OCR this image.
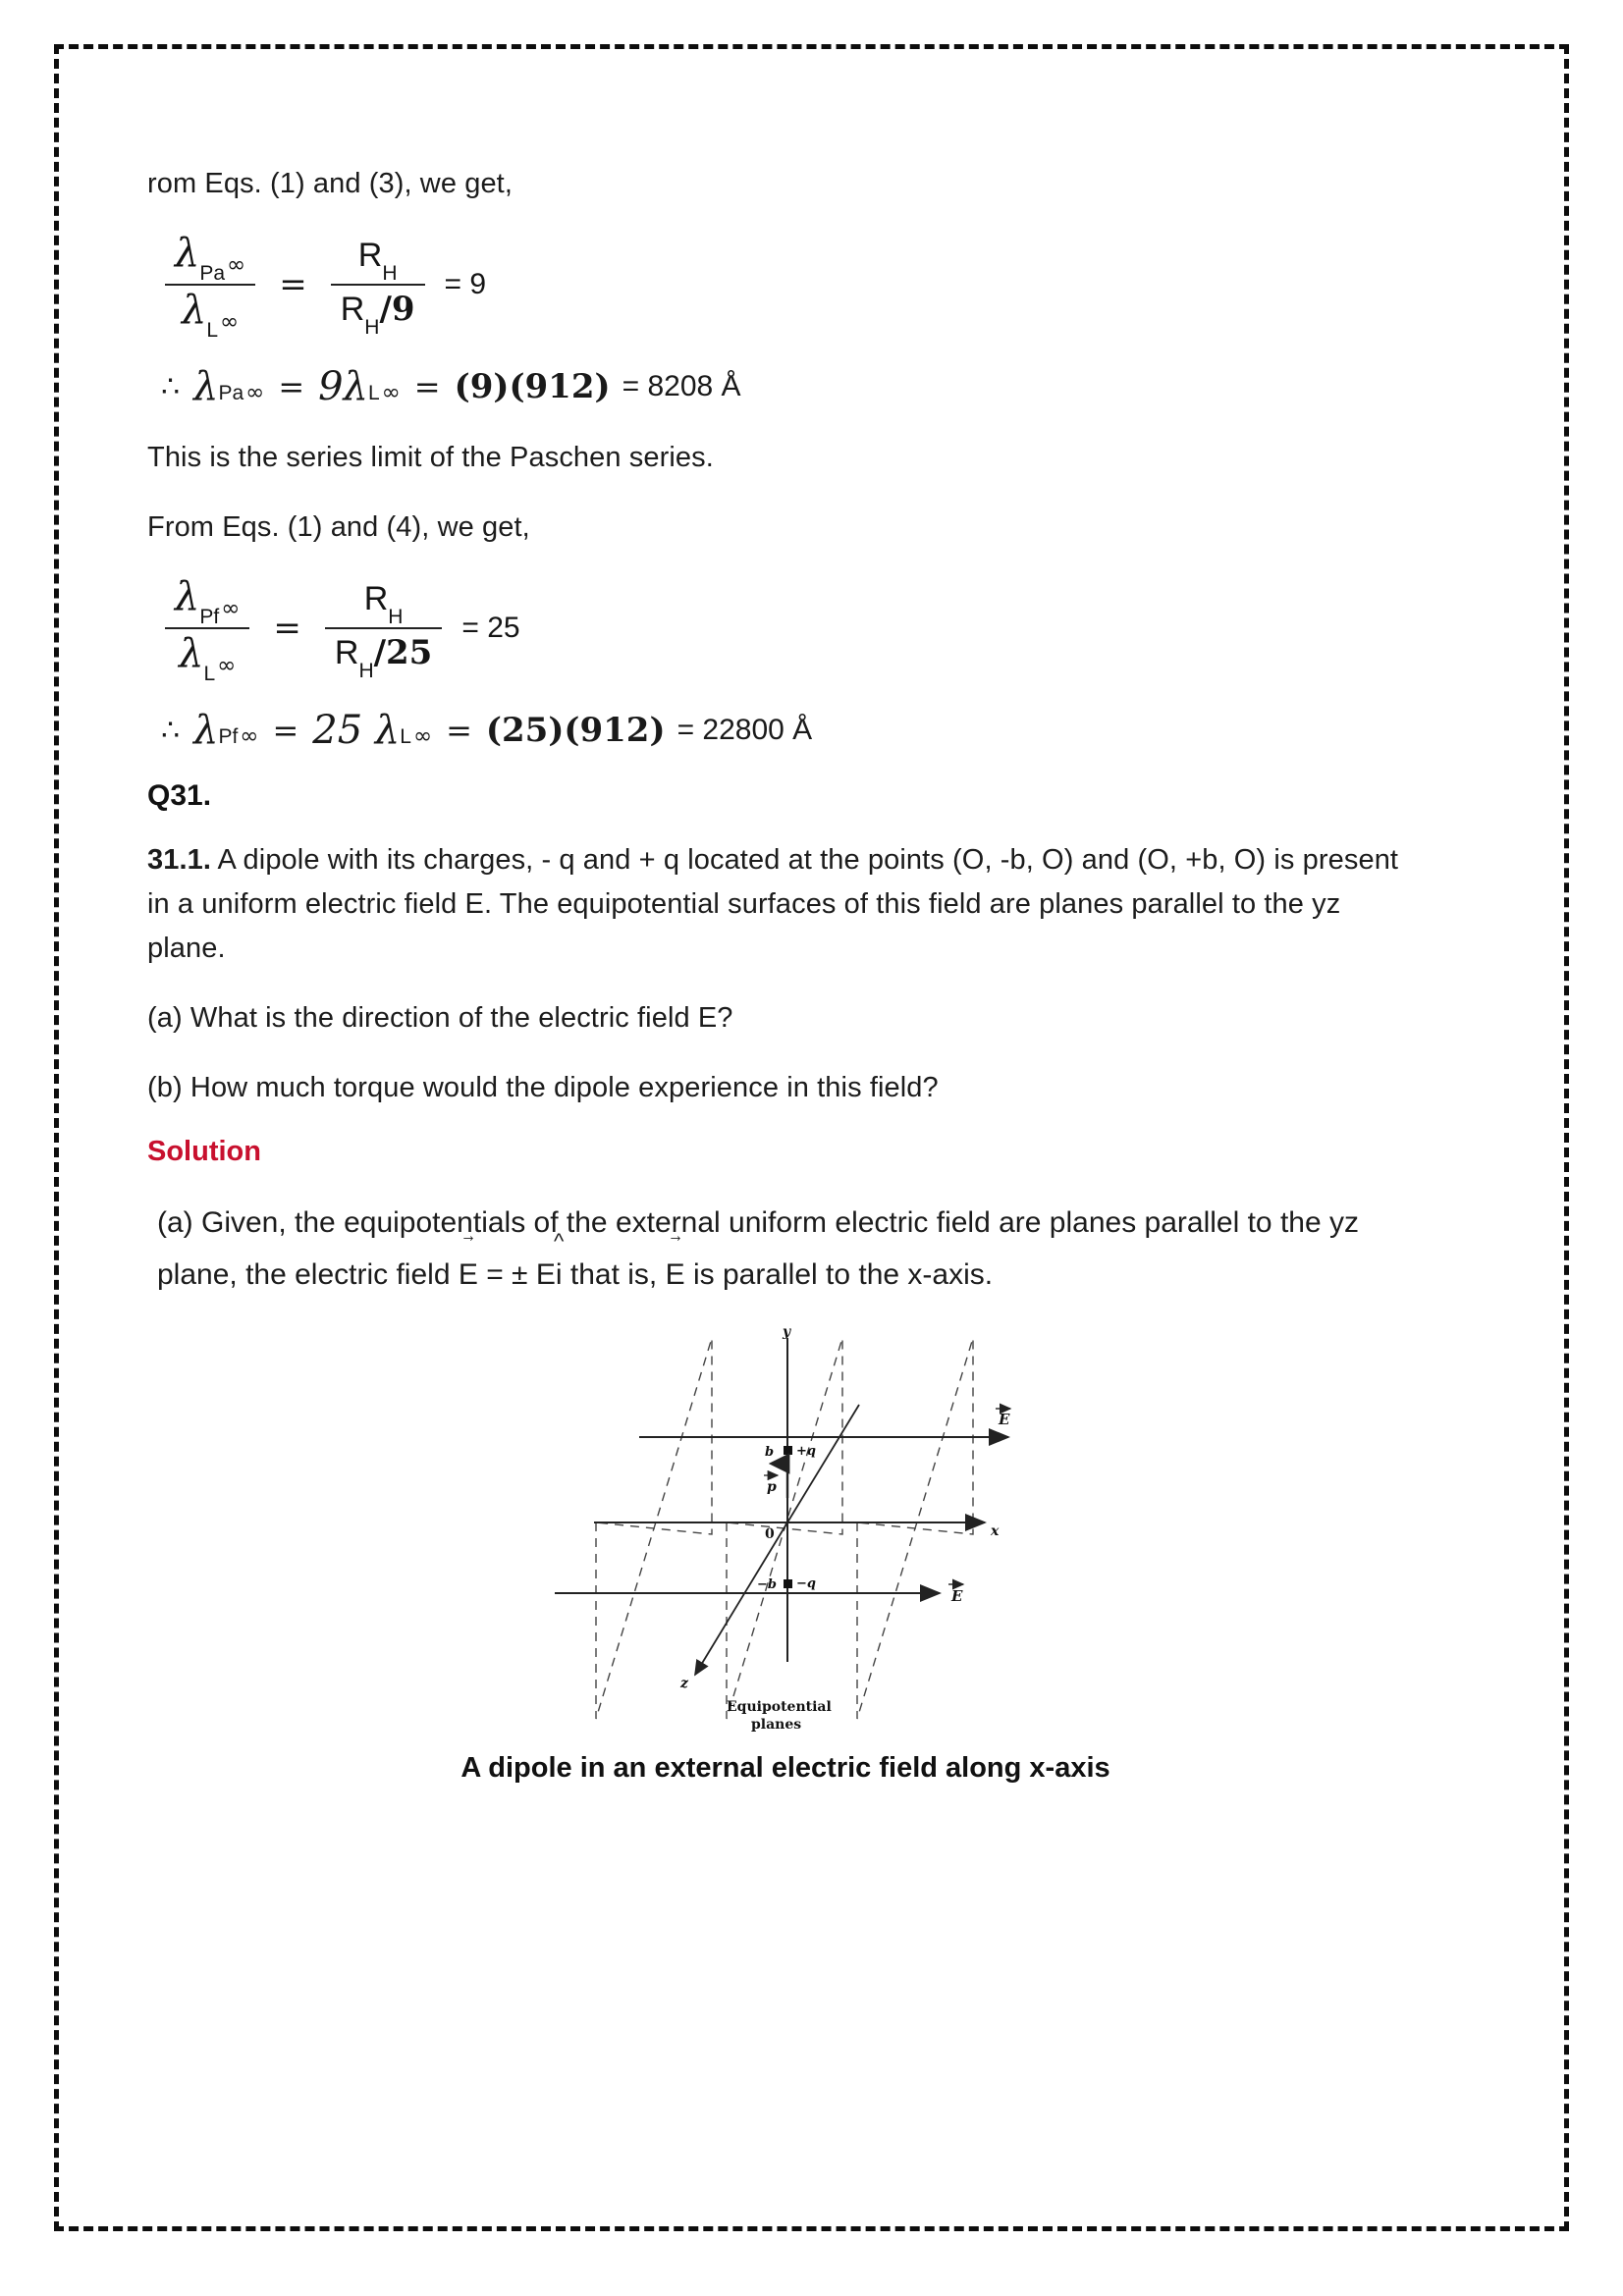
rom Eqs. (1) and (3), we get,

$\frac{\lambda_{Pa\infty}}{\lambda_{L\infty}} = \frac{R_H}{R_H/9} = 9$
∴ λ Pa ∞ = 9λ L ∞ = (9)(912) = 8208 Å

This is the series limit of the Paschen series.

From Eqs. (1) and (4), we get,

$\frac{\lambda_{Pf\infty}}{\lambda_{L\infty}} = \frac{R_H}{R_H/25} = 25$
∴ λ Pf ∞ = 25 λ L ∞ = (25)(912) = 22800 Å

Q31.

31.1. A dipole with its charges, - q and + q located at the points (O, -b, O) and (O, +b, O) is present in a uniform electric field E. The equipotential surfaces of this field are planes parallel to the yz plane.

(a) What is the direction of the electric field E?

(b) How much torque would the dipole experience in this field?

Solution

(a) Given, the equipotentials of the external uniform electric field are planes parallel to the yz plane, the electric field → E = ± E^ i that is, → E is parallel to the x-axis.

x
y
z
E
E
+q
b
−q
−b
p
0
Equipotential
planes
A dipole in an external electric field along x-axis
